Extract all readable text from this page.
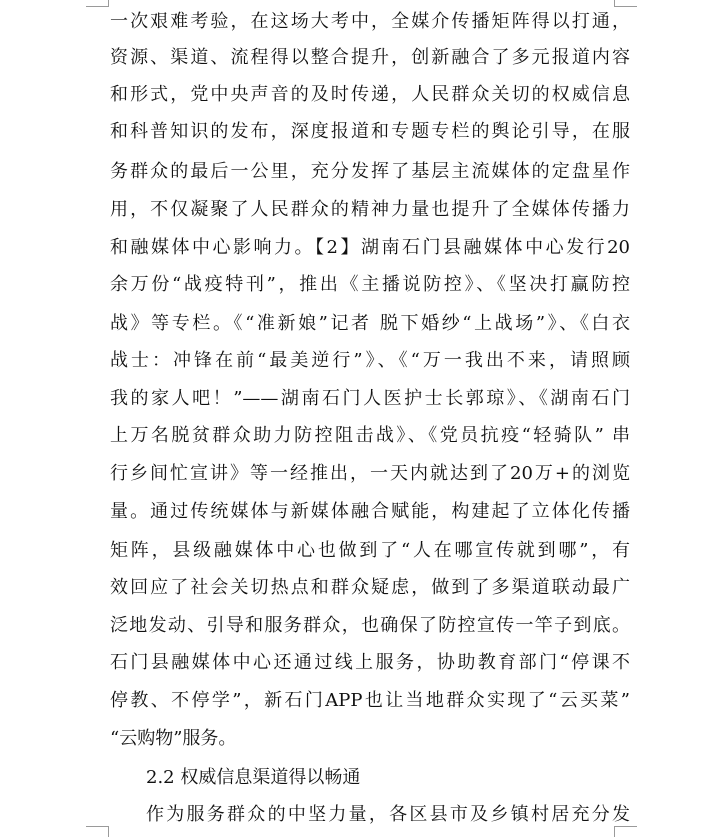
一次艰难考验，在这场大考中，全媒介传播矩阵得以打通，
资源、渠道、流程得以整合提升，创新融合了多元报道内容
和形式，党中央声音的及时传递，人民群众关切的权威信息
和科普知识的发布，深度报道和专题专栏的舆论引导，在服
务群众的最后一公里，充分发挥了基层主流媒体的定盘星作
用，不仅凝聚了人民群众的精神力量也提升了全媒体传播力
和融媒体中心影响力。【2】湖南石门县融媒体中心发行20
余万份“战疫特刊”，推出《主播说防控》、《坚决打赢防控
战》等专栏。《“准新娘”记者 脱下婚纱“上战场”》、《白衣
战士：冲锋在前“最美逆行”》、《“万一我出不来，请照顾
我的家人吧！”——湖南石门人医护士长郭琼》、《湖南石门
上万名脱贫群众助力防控阻击战》、《党员抗疫“轻骑队” 串
行乡间忙宣讲》等一经推出，一天内就达到了20万+的浏览
量。通过传统媒体与新媒体融合赋能，构建起了立体化传播
矩阵，县级融媒体中心也做到了“人在哪宣传就到哪”，有
效回应了社会关切热点和群众疑虑，做到了多渠道联动最广
泛地发动、引导和服务群众，也确保了防控宣传一竿子到底。
石门县融媒体中心还通过线上服务，协助教育部门“停课不
停教、不停学”，新石门APP也让当地群众实现了“云买菜”
“云购物”服务。
2.2 权威信息渠道得以畅通
作为服务群众的中坚力量，各区县市及乡镇村居充分发
